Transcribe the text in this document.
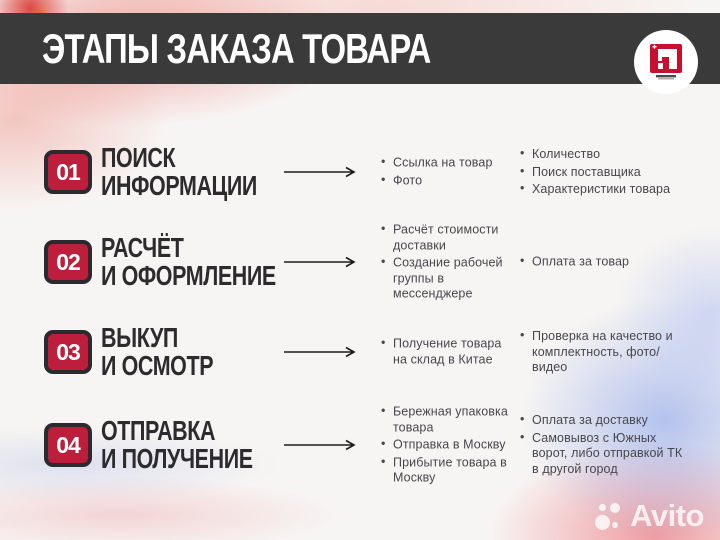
ЭТАПЫ ЗАКАЗА ТОВАРА
01 ПОИСК
ИНФОРМАЦИИ
• Ссылка на товар
• Фото
• Количество
• Поиск поставщика
• Характеристики товара
02 РАСЧЁТ
И ОФОРМЛЕНИЕ
• Расчёт стоимости доставки
• Создание рабочей группы в мессенджере
• Оплата за товар
03 ВЫКУП
И ОСМОТР
• Получение товара на склад в Китае
• Проверка на качество и комплектность, фото/видео
04 ОТПРАВКА
И ПОЛУЧЕНИЕ
• Бережная упаковка товара
• Отправка в Москву
• Прибытие товара в Москву
• Оплата за доставку
• Самовывоз с Южных ворот, либо отправкой ТК в другой город
Avito
